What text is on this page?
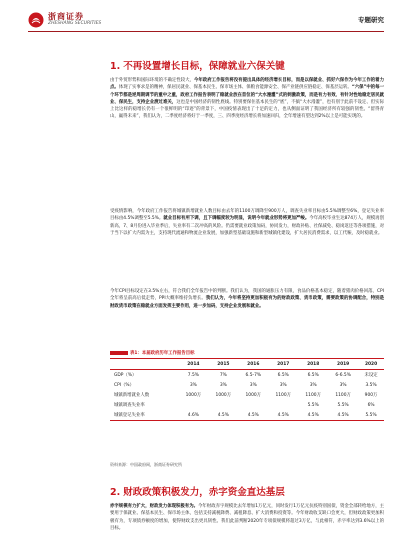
浙商证券
ZHESHANG SECURITIES	专题研究
1. 不再设置增长目标，保障就业六保关键
由于外贸形势和国际环境的不确定性较大，今年政府工作报告将没有提出具体的经济增长目标，而是以保就业、抓好六保作为今年工作的着力点。体现了实事求是的精神，保居民就业、保基本民生、保市场主体、保粮食能源安全、保产业链供应链稳定、保基层运转。“六保”中的每一个环节都是逆周期调节的重中之重，政府工作报告表明了稳就业放在首位的“大水漫灌”式的刺激政策，而是有力有效、有针对性地稳定居民就业、保民生，支持企业渡过难关，这也是中国经济的韧性底线。特别要保住基本民生的“底”，不搞“大水漫灌”，也有别于此前不设定、但实际上比这样的稳增长仍有一个很鲜明的“印迹”的背景下，中国疫情表现出了十足的定力，也从侧面证明了我国经济所有较强的韧性。“留得青山，赢得未来”，我们认为，二季度经济将好于一季度，三、四季度经济增长将加速回归，全年增速有望达到2%以上是可能实现的。
受疫情影响，今年政府工作报告将城镇新增就业人数目标由去年的1100万调降至900万人，调查失业率目标由5.5%调整至6%，登记失业率目标由4.5%调整至5.5%。就业目标有所下调，且下调幅度较为明显，说明今年就业形势将更加严峻。今年高校毕业生达874万人，规模再创新高，7、8月份进入毕业季后，失业率有二次冲高的风险。仍需要就业政策加码，协同发力，财政补贴、社保减免、稳岗返还等各项措施，对于当下以扩大内需为主，支持现代流通和物流企业发展，加强新型基础设施和新型城镇化建设，扩大居民消费需求，以工代赈，及时稳就业。
今年CPI目标设定在3.5%左右，符合我们全年报告中的判断。我们认为，我国的通胀压力有限，食品价格基本稳定，随着猪肉价格回落，CPI全年将呈前高后低走势，PPI大概率维持负增长。我们认为，今年将坚持更加积极有为的财政政策、货币政策，需要政策的协调配合，特别是财政货币政策在稳就业方面发挥主要作用，进一步加码，支持企业发展和就业。
表1：本届政府历年工作报告目标
	2014	2015	2016	2017	2018	2019	2020
GDP（%）	7.5%	7%	6.5-7%	6.5%	6.5%	6-6.5%	未设定
CPI（%）	3%	3%	3%	3%	3%	3%	3.5%
城镇新增就业人数	1000万	1000万	1000万	1100万	1100万	1100万	900万
城镇调查失业率					5.5%	5.5%	6%
城镇登记失业率	4.6%	4.5%	4.5%	4.5%	4.5%	4.5%	5.5%
资料来源：中国政府网，浙商证券研究所
2. 财政政策积极发力，赤字资金直达基层
赤字规模有力扩大，财政发力体现积极有为。今年财政赤字规模比去年增加1万亿元，同时发行1万亿元抗疫特别国债，资金全部转给地方，主要用于保就业、保基本民生、保市场主体，包括支持减税降费、减租降息、扩大消费和投资等。今年财政收支缺口会更大，但财政政策更加积极有为，专项债券额度的增加，使得财政支出更具韧性。我们此前判断2020年专项债规模将超过3万亿，与此相符，赤字率达到3.6%以上的目标。
